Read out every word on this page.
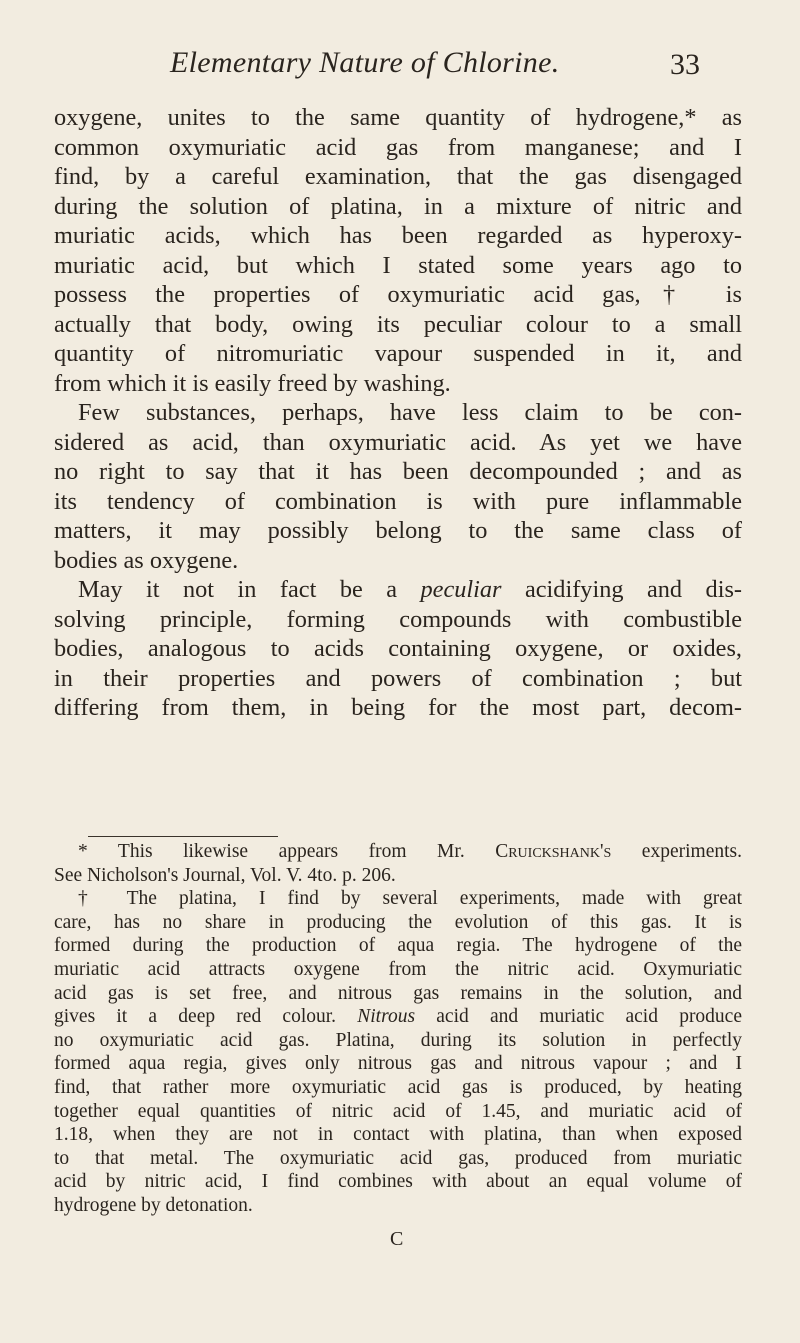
Elementary Nature of Chlorine.	33
oxygene, unites to the same quantity of hydrogene,* as
common oxymuriatic acid gas from manganese; and I
find, by a careful examination, that the gas disengaged
during the solution of platina, in a mixture of nitric and
muriatic acids, which has been regarded as hyperoxy-
muriatic acid, but which I stated some years ago to
possess the properties of oxymuriatic acid gas,† is
actually that body, owing its peculiar colour to a small
quantity of nitromuriatic vapour suspended in it, and
from which it is easily freed by washing.
Few substances, perhaps, have less claim to be con-
sidered as acid, than oxymuriatic acid. As yet we have
no right to say that it has been decompounded ; and as
its tendency of combination is with pure inflammable
matters, it may possibly belong to the same class of
bodies as oxygene.
May it not in fact be a peculiar acidifying and dis-
solving principle, forming compounds with combustible
bodies, analogous to acids containing oxygene, or oxides,
in their properties and powers of combination ; but
differing from them, in being for the most part, decom-
* This likewise appears from Mr. Cruickshank's experiments.
See Nicholson's Journal, Vol. V. 4to. p. 206.
† The platina, I find by several experiments, made with great
care, has no share in producing the evolution of this gas. It is
formed during the production of aqua regia. The hydrogene of the
muriatic acid attracts oxygene from the nitric acid. Oxymuriatic
acid gas is set free, and nitrous gas remains in the solution, and
gives it a deep red colour. Nitrous acid and muriatic acid produce
no oxymuriatic acid gas. Platina, during its solution in perfectly
formed aqua regia, gives only nitrous gas and nitrous vapour ; and I
find, that rather more oxymuriatic acid gas is produced, by heating
together equal quantities of nitric acid of 1.45, and muriatic acid of
1.18, when they are not in contact with platina, than when exposed
to that metal. The oxymuriatic acid gas, produced from muriatic
acid by nitric acid, I find combines with about an equal volume of
hydrogene by detonation.
C
